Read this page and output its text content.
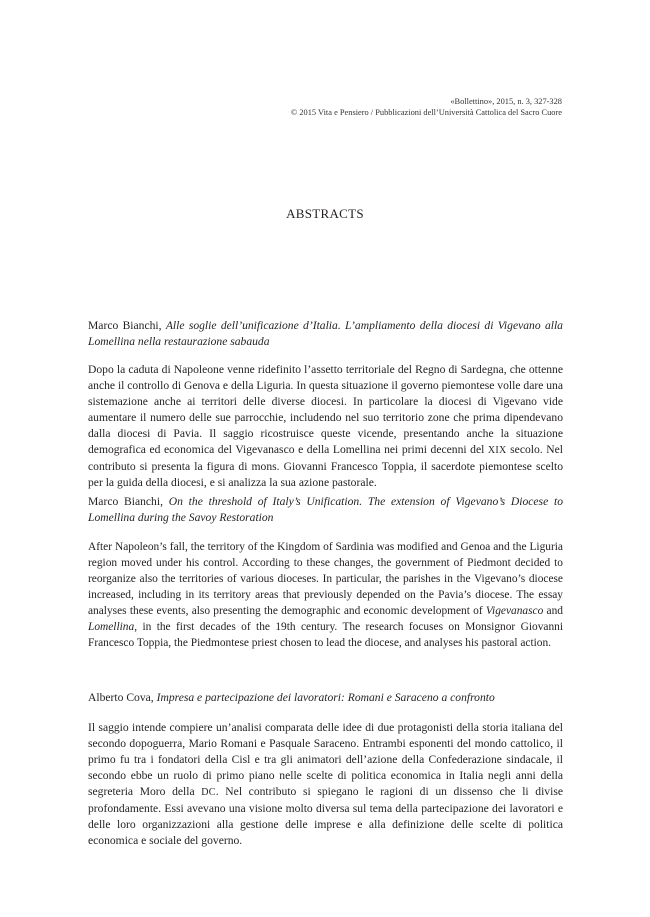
«Bollettino», 2015, n. 3, 327-328
© 2015 Vita e Pensiero / Pubblicazioni dell’Università Cattolica del Sacro Cuore
ABSTRACTS

Marco Bianchi, Alle soglie dell’unificazione d’Italia. L’ampliamento della diocesi di Vigevano alla Lomellina nella restaurazione sabauda

Dopo la caduta di Napoleone venne ridefinito l’assetto territoriale del Regno di Sardegna, che ottenne anche il controllo di Genova e della Liguria. In questa situazione il governo piemontese volle dare una sistemazione anche ai territori delle diverse diocesi. In particolare la diocesi di Vigevano vide aumentare il numero delle sue parrocchie, includendo nel suo territorio zone che prima dipendevano dalla diocesi di Pavia. Il saggio ricostruisce queste vicende, presentando anche la situazione demografica ed economica del Vigevanasco e della Lomellina nei primi decenni del XIX secolo. Nel contributo si presenta la figura di mons. Giovanni Francesco Toppia, il sacerdote piemontese scelto per la guida della diocesi, e si analizza la sua azione pastorale.

Marco Bianchi, On the threshold of Italy’s Unification. The extension of Vigevano’s Diocese to Lomellina during the Savoy Restoration

After Napoleon’s fall, the territory of the Kingdom of Sardinia was modified and Genoa and the Liguria region moved under his control. According to these changes, the government of Piedmont decided to reorganize also the territories of various dioceses. In particular, the parishes in the Vigevano’s diocese increased, including in its territory areas that previously depended on the Pavia’s diocese. The essay analyses these events, also presenting the demographic and economic development of Vigevanasco and Lomellina, in the first decades of the 19th century. The research focuses on Monsignor Giovanni Francesco Toppia, the Piedmontese priest chosen to lead the diocese, and analyses his pastoral action.

Alberto Cova, Impresa e partecipazione dei lavoratori: Romani e Saraceno a confronto

Il saggio intende compiere un’analisi comparata delle idee di due protagonisti della storia italiana del secondo dopoguerra, Mario Romani e Pasquale Saraceno. Entrambi esponenti del mondo cattolico, il primo fu tra i fondatori della Cisl e tra gli animatori dell’azione della Confederazione sindacale, il secondo ebbe un ruolo di primo piano nelle scelte di politica economica in Italia negli anni della segreteria Moro della DC. Nel contributo si spiegano le ragioni di un dissenso che li divise profondamente. Essi avevano una visione molto diversa sul tema della partecipazione dei lavoratori e delle loro organizzazioni alla gestione delle imprese e alla definizione delle scelte di politica economica e sociale del governo.
